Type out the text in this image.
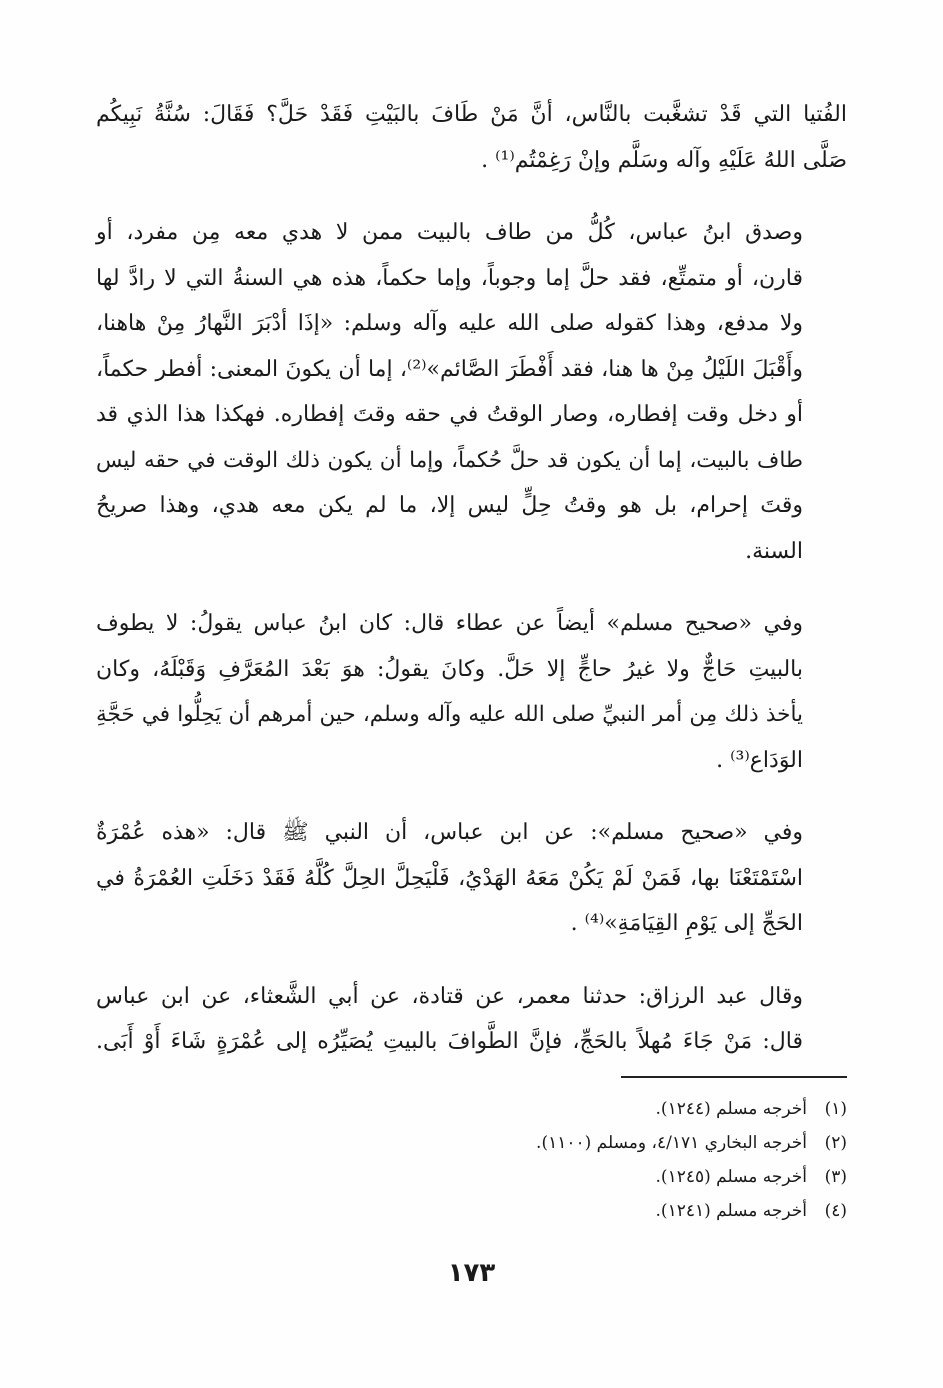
الفُتيا التي قَدْ تشغَّبت بالنَّاس، أنَّ مَنْ طَافَ بالبَيْتِ فَقَدْ حَلَّ؟ فَقَالَ: سُنَّةُ نَبِيكُم
صَلَّى اللهُ عَلَيْهِ وآله وسَلَّم وإنْ رَغِمْتُم⁽¹⁾ .

وصدق ابنُ عباس، كُلُّ من طاف بالبيت ممن لا هدي معه مِن مفرد، أو
قارن، أو متمتِّع، فقد حلَّ إما وجوباً، وإما حكماً، هذه هي السنةُ التي لا رادَّ لها
ولا مدفع، وهذا كقوله صلى الله عليه وآله وسلم: «إذَا أدْبَرَ النَّهارُ مِنْ هاهنا،
وأَقْبَلَ اللَيْلُ مِنْ ها هنا، فقد أَفْطَرَ الصَّائم»⁽²⁾، إما أن يكونَ المعنى: أفطر حكماً،
أو دخل وقت إفطاره، وصار الوقتُ في حقه وقتَ إفطاره. فهكذا هذا الذي قد
طاف بالبيت، إما أن يكون قد حلَّ حُكماً، وإما أن يكون ذلك الوقت في حقه ليس
وقتَ إحرام، بل هو وقتُ حِلٍّ ليس إلا، ما لم يكن معه هدي، وهذا صريحُ
السنة.

وفي «صحيح مسلم» أيضاً عن عطاء قال: كان ابنُ عباس يقولُ: لا يطوف
بالبيتِ حَاجٌّ ولا غيرُ حاجٍّ إلا حَلَّ. وكانَ يقولُ: هوَ بَعْدَ المُعَرَّفِ وَقَبْلَهُ، وكان
يأخذ ذلك مِن أمر النبيِّ صلى الله عليه وآله وسلم، حين أمرهم أن يَحِلُّوا في حَجَّةِ
الوَدَاع⁽³⁾ .

وفي «صحيح مسلم»: عن ابن عباس، أن النبي ﷺ قال: «هذه عُمْرَةٌ
اسْتَمْتَعْنَا بها، فَمَنْ لَمْ يَكُنْ مَعَهُ الهَدْيُ، فَلْيَحِلَّ الحِلَّ كُلَّهُ فَقَدْ دَخَلَتِ العُمْرَةُ في
الحَجِّ إلى يَوْمِ القِيَامَةِ»⁽⁴⁾ .

وقال عبد الرزاق: حدثنا معمر، عن قتادة، عن أبي الشَّعثاء، عن ابن عباس
قال: مَنْ جَاءَ مُهلاً بالحَجِّ، فإنَّ الطَّوافَ بالبيتِ يُصَيِّرُه إلى عُمْرَةٍ شَاءَ أَوْ أَبَى.

(١)
أخرجه مسلم (١٢٤٤).
(٢)
أخرجه البخاري ٤/١٧١، ومسلم (١١٠٠).
(٣)
أخرجه مسلم (١٢٤٥).
(٤)
أخرجه مسلم (١٢٤١).
١٧٣
